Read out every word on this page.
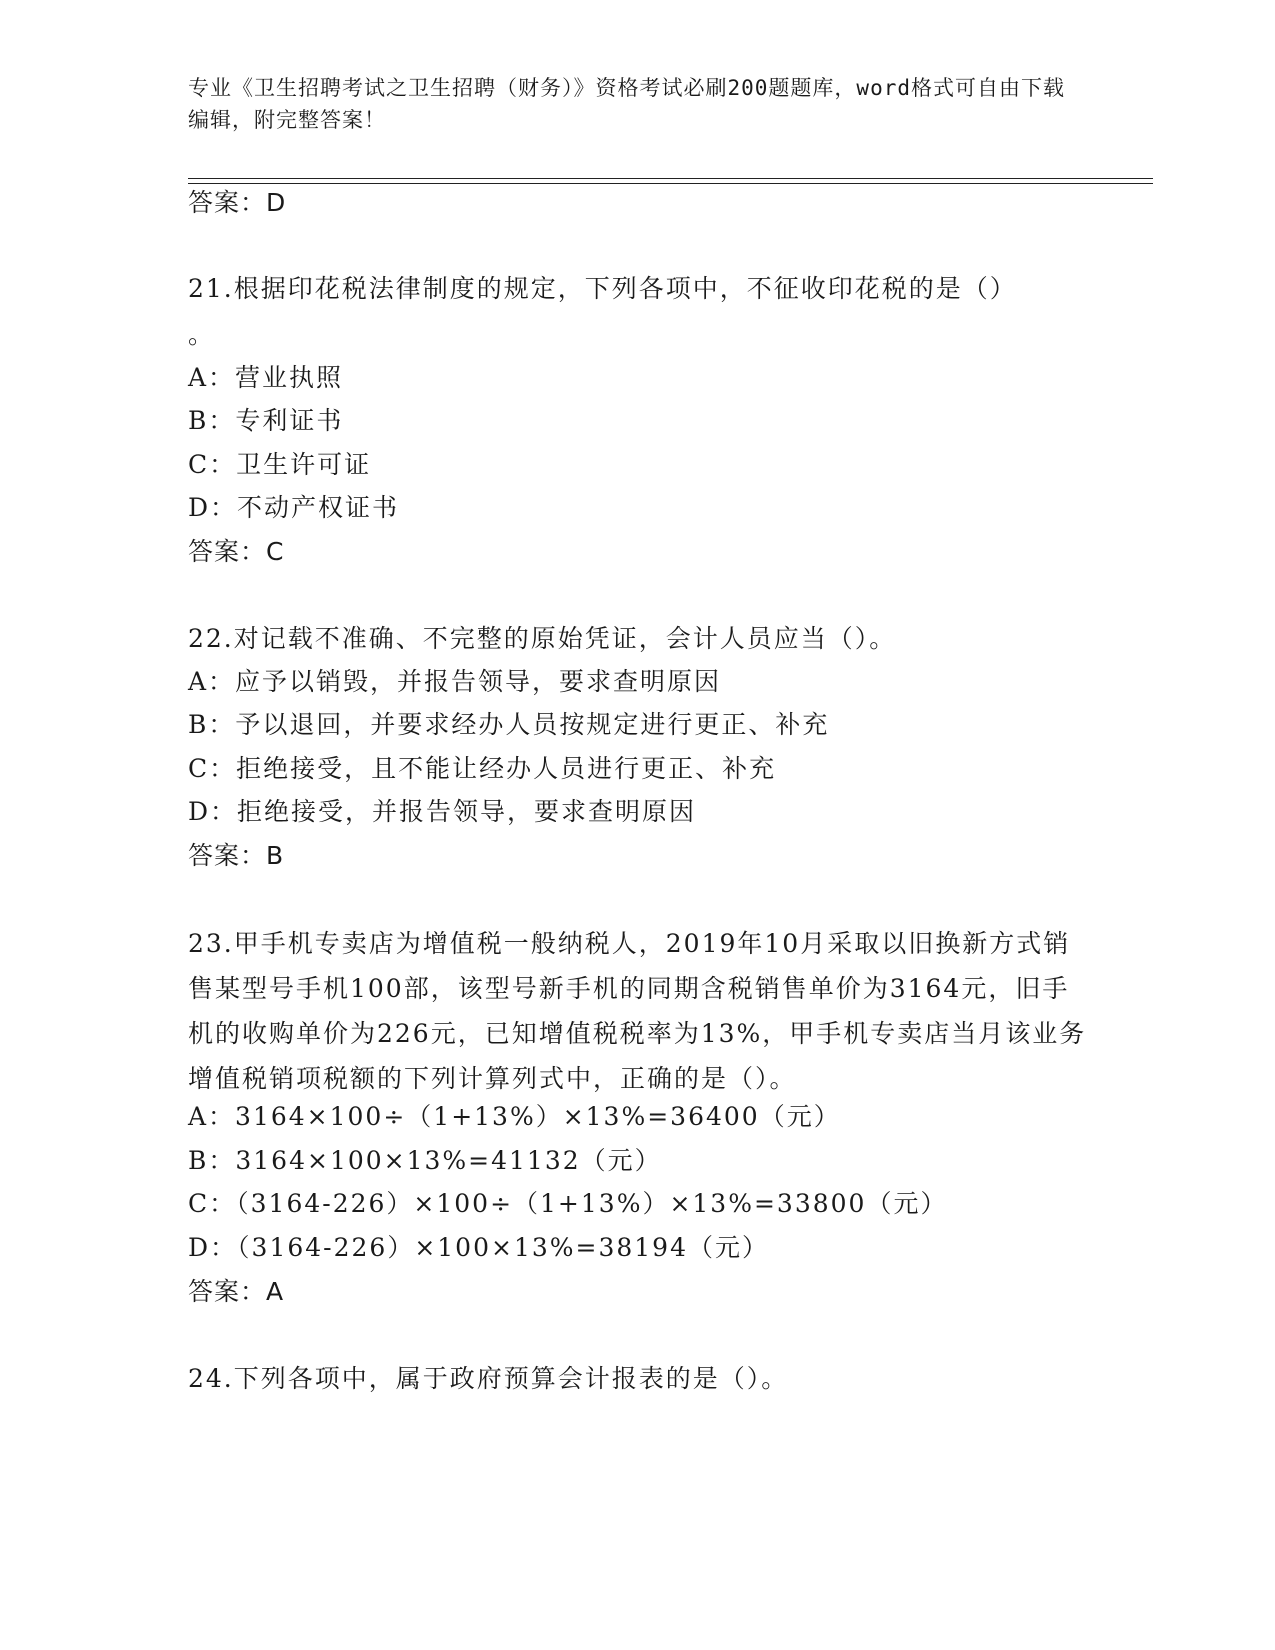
专业《卫生招聘考试之卫生招聘（财务）》资格考试必刷200题题库，word格式可自由下载编辑，附完整答案！
答案：D
21.根据印花税法律制度的规定，下列各项中，不征收印花税的是（）
。
A：营业执照
B：专利证书
C：卫生许可证
D：不动产权证书
答案：C
22.对记载不准确、不完整的原始凭证，会计人员应当（）。
A：应予以销毁，并报告领导，要求查明原因
B：予以退回，并要求经办人员按规定进行更正、补充
C：拒绝接受，且不能让经办人员进行更正、补充
D：拒绝接受，并报告领导，要求查明原因
答案：B
23.甲手机专卖店为增值税一般纳税人，2019年10月采取以旧换新方式销售某型号手机100部，该型号新手机的同期含税销售单价为3164元，旧手机的收购单价为226元，已知增值税税率为13%，甲手机专卖店当月该业务增值税销项税额的下列计算列式中，正确的是（）。
A：3164×100÷（1+13%）×13%=36400（元）
B：3164×100×13%=41132（元）
C：（3164-226）×100÷（1+13%）×13%=33800（元）
D：（3164-226）×100×13%=38194（元）
答案：A
24.下列各项中，属于政府预算会计报表的是（）。
